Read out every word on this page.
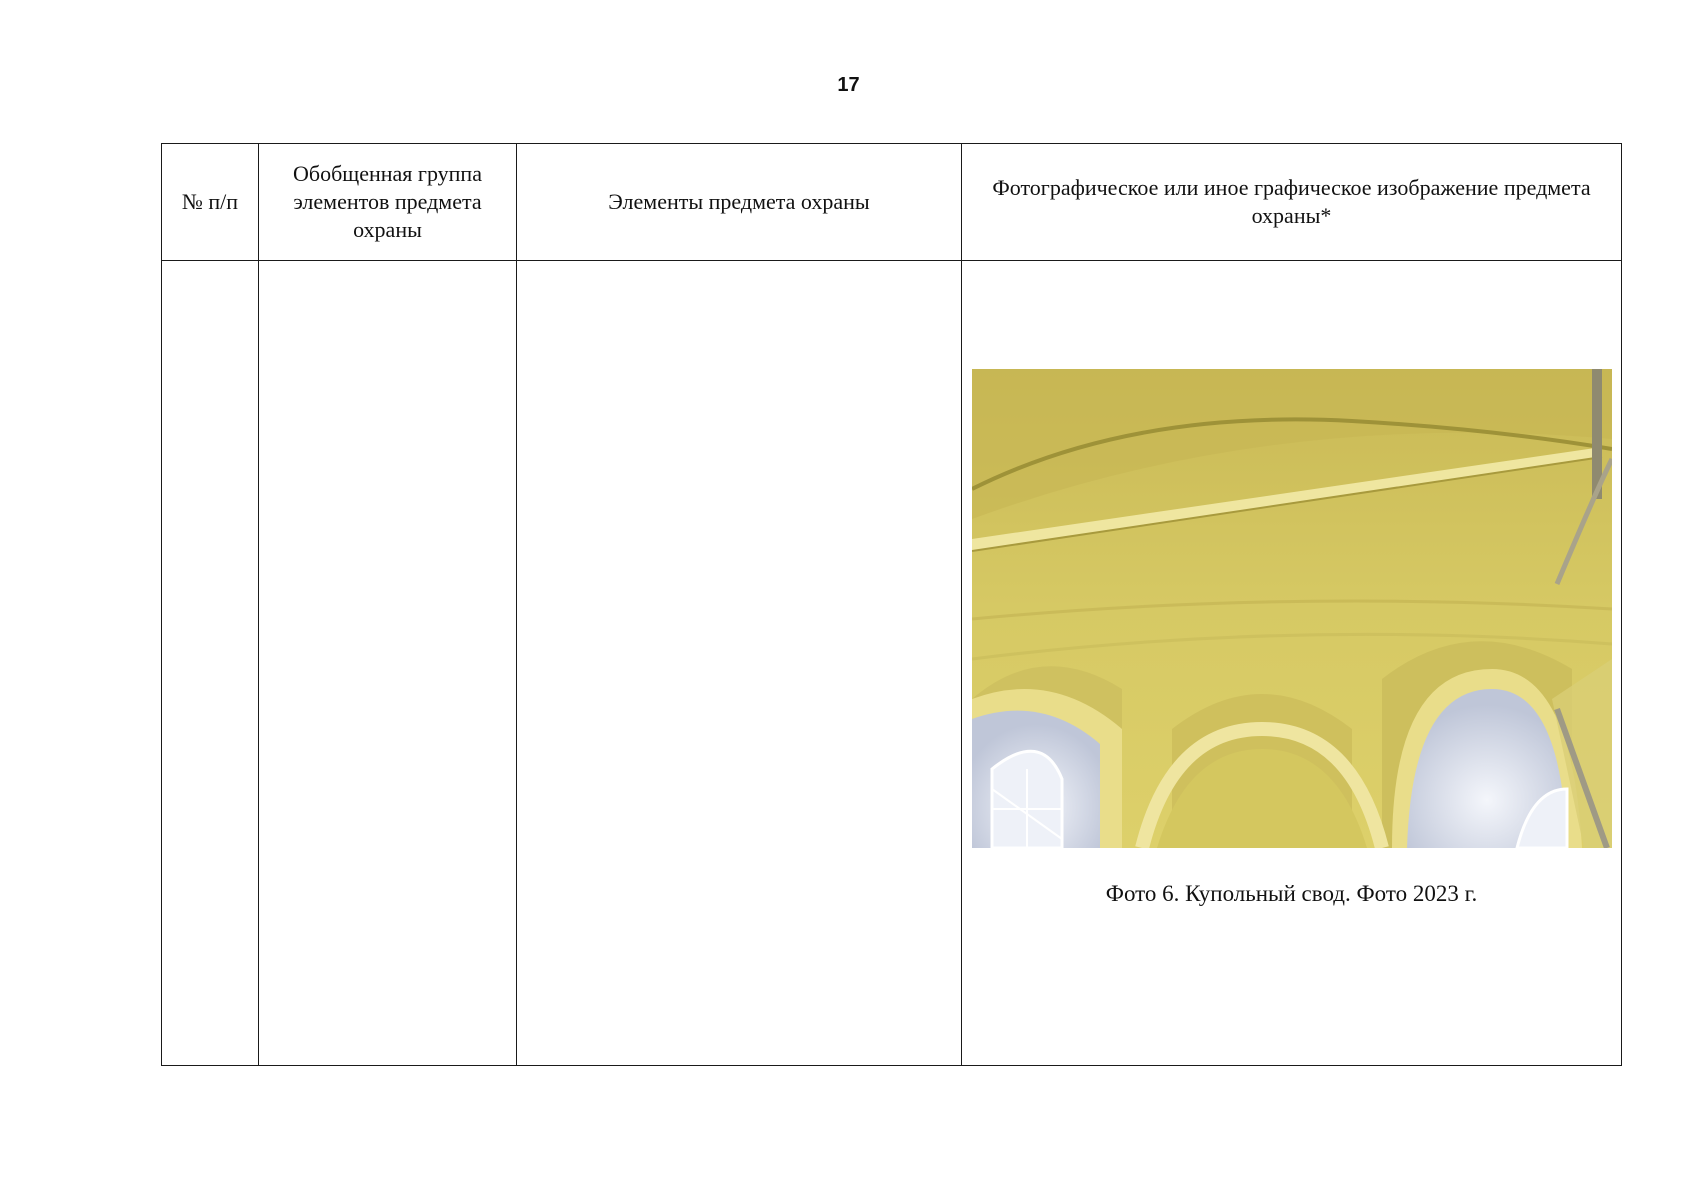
17
№ п/п	Обобщенная группа элементов предмета охраны	Элементы предмета охраны	Фотографическое или иное графическое изображение предмета охраны*

			Фото 6. Купольный свод. Фото 2023 г.
